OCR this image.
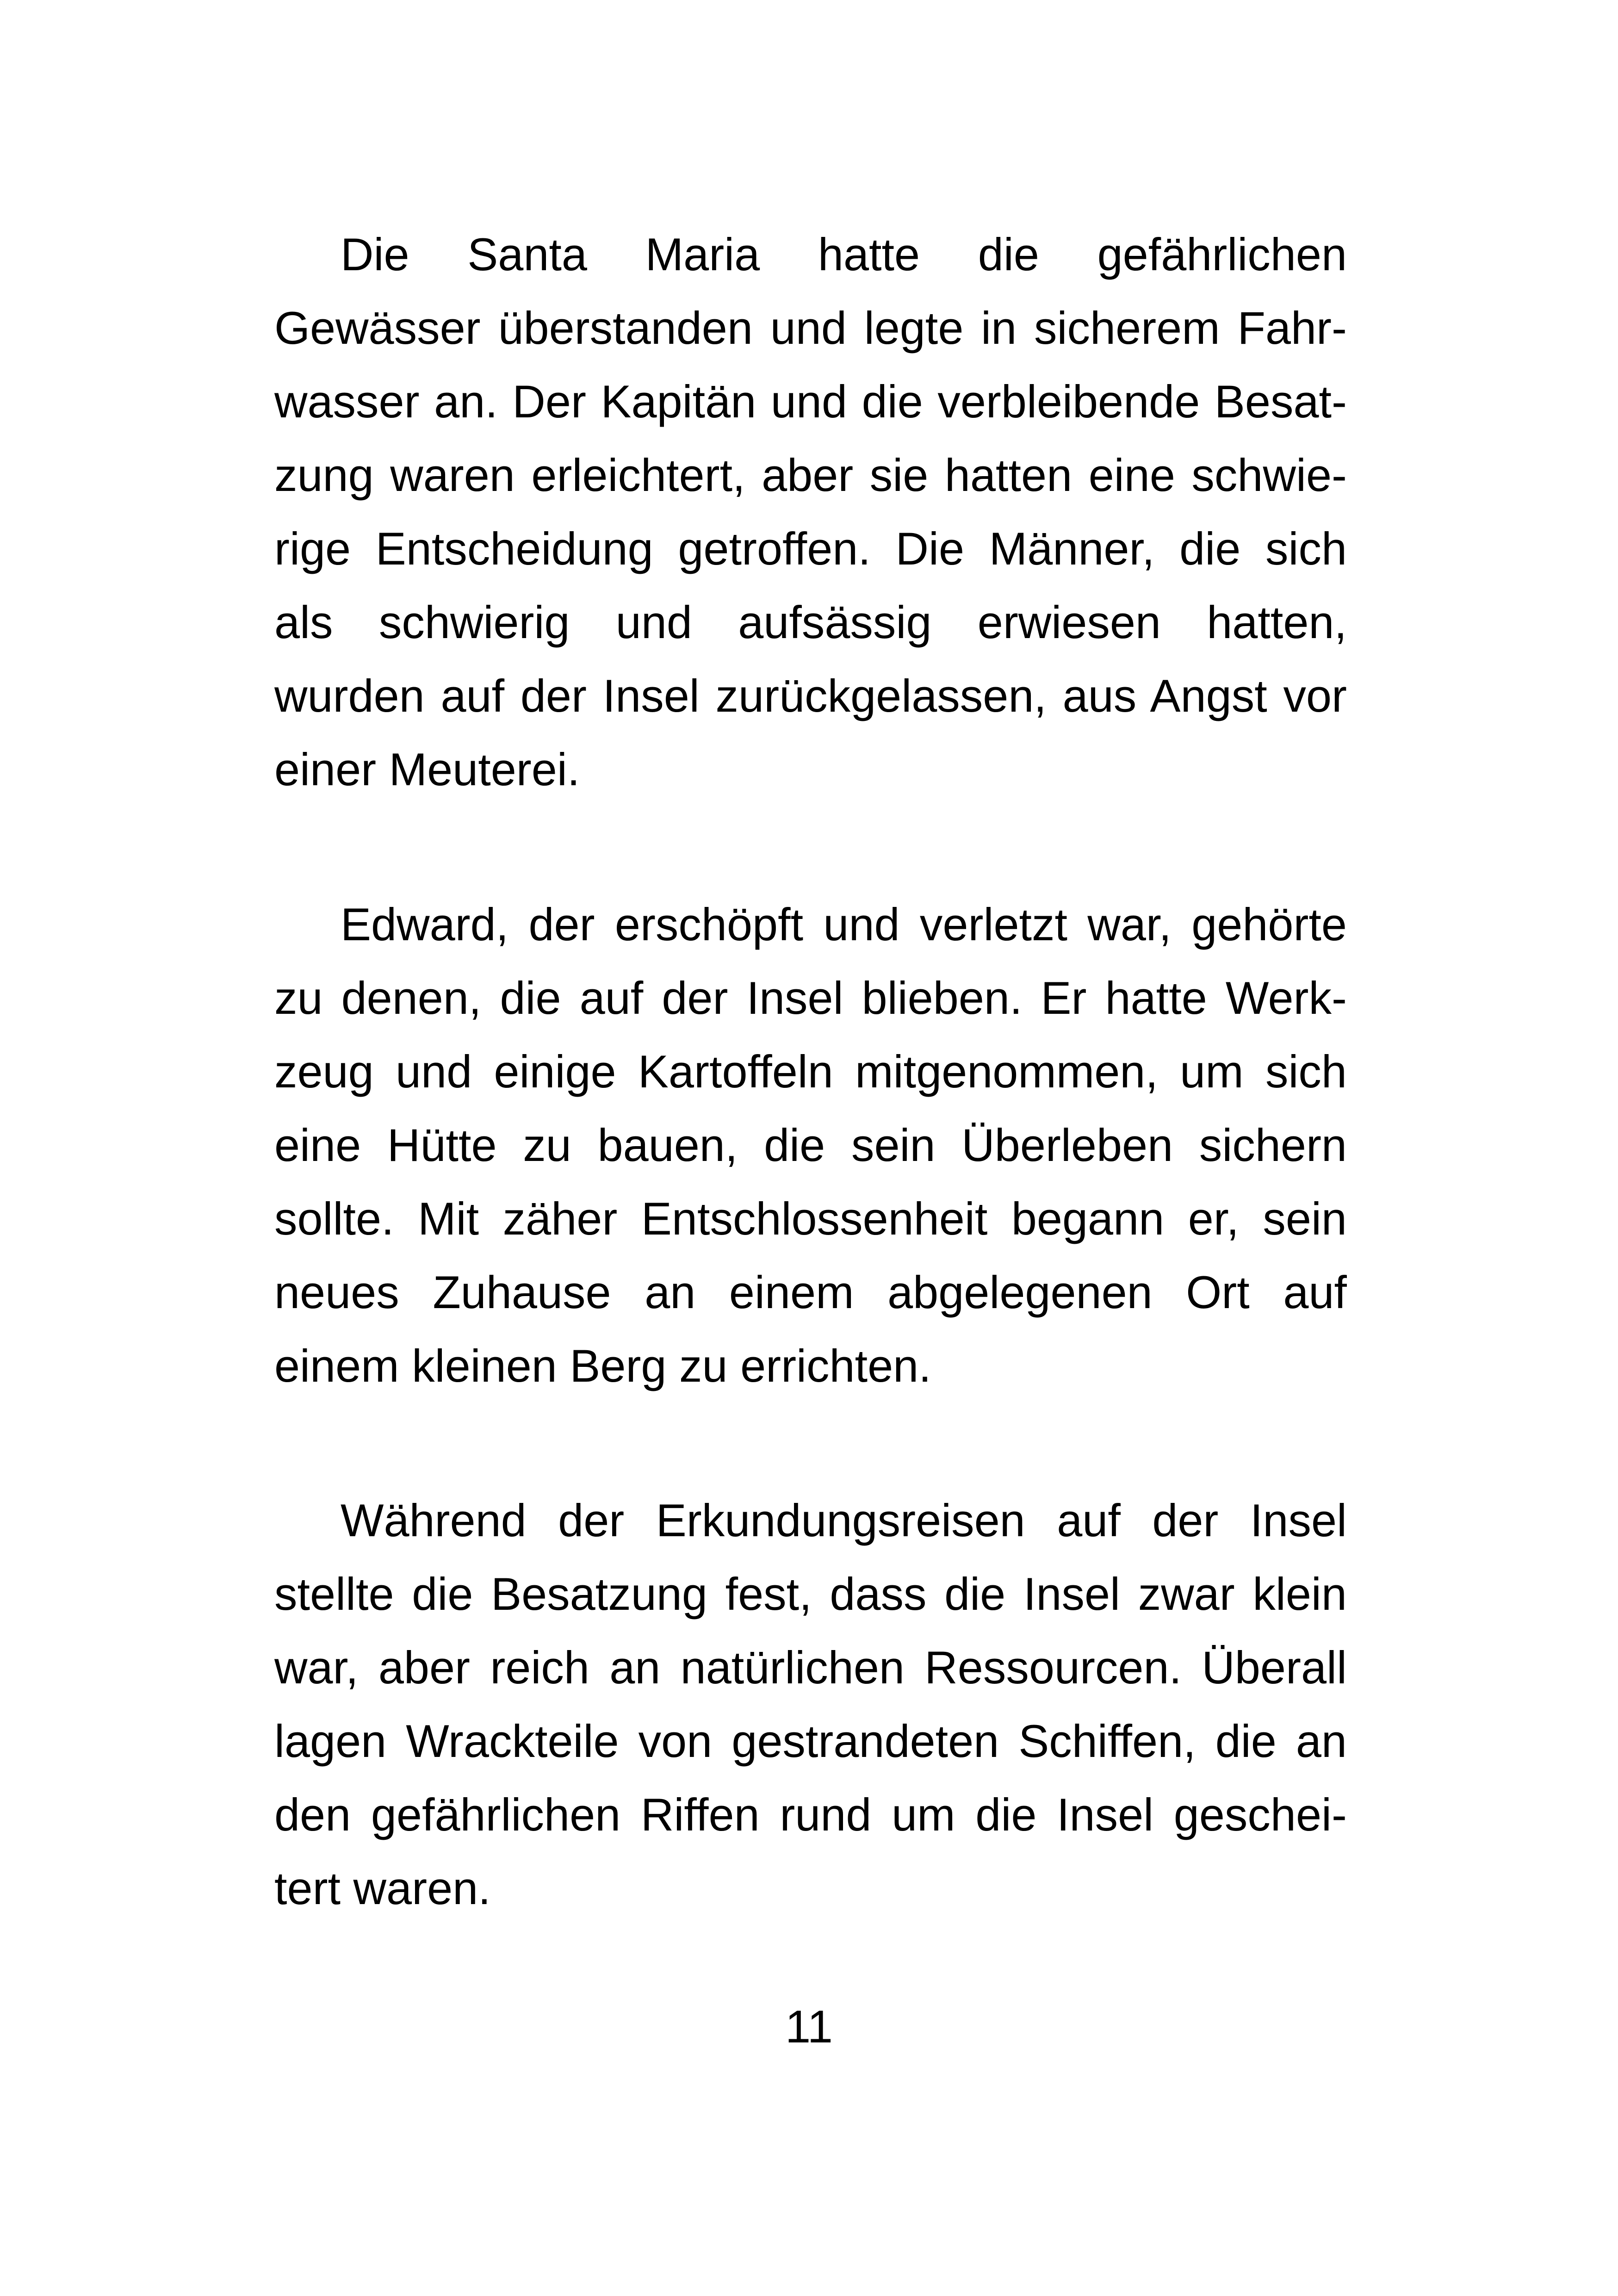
Die Santa Maria hatte die gefährlichen
Gewässer überstanden und legte in sicherem Fahr-
wasser an. Der Kapitän und die verbleibende Besat-
zung waren erleichtert, aber sie hatten eine schwie-
rige Entscheidung getroffen. Die Männer, die sich
als schwierig und aufsässig erwiesen hatten,
wurden auf der Insel zurückgelassen, aus Angst vor
einer Meuterei.
Edward, der erschöpft und verletzt war, gehörte
zu denen, die auf der Insel blieben. Er hatte Werk-
zeug und einige Kartoffeln mitgenommen, um sich
eine Hütte zu bauen, die sein Überleben sichern
sollte. Mit zäher Entschlossenheit begann er, sein
neues Zuhause an einem abgelegenen Ort auf
einem kleinen Berg zu errichten.
Während der Erkundungsreisen auf der Insel
stellte die Besatzung fest, dass die Insel zwar klein
war, aber reich an natürlichen Ressourcen. Überall
lagen Wrackteile von gestrandeten Schiffen, die an
den gefährlichen Riffen rund um die Insel geschei-
tert waren.
11
